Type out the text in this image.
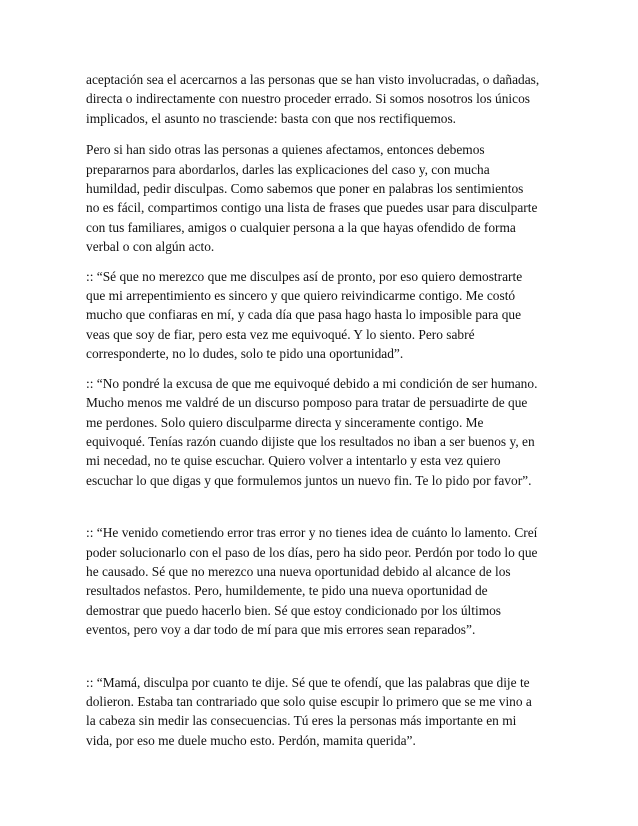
aceptación sea el acercarnos a las personas que se han visto involucradas, o dañadas,
directa o indirectamente con nuestro proceder errado. Si somos nosotros los únicos
implicados, el asunto no trasciende: basta con que nos rectifiquemos.

Pero si han sido otras las personas a quienes afectamos, entonces debemos
prepararnos para abordarlos, darles las explicaciones del caso y, con mucha
humildad, pedir disculpas. Como sabemos que poner en palabras los sentimientos
no es fácil, compartimos contigo una lista de frases que puedes usar para disculparte
con tus familiares, amigos o cualquier persona a la que hayas ofendido de forma
verbal o con algún acto.

:: “Sé que no merezco que me disculpes así de pronto, por eso quiero demostrarte
que mi arrepentimiento es sincero y que quiero reivindicarme contigo. Me costó
mucho que confiaras en mí, y cada día que pasa hago hasta lo imposible para que
veas que soy de fiar, pero esta vez me equivoqué. Y lo siento. Pero sabré
corresponderte, no lo dudes, solo te pido una oportunidad”.

:: “No pondré la excusa de que me equivoqué debido a mi condición de ser humano.
Mucho menos me valdré de un discurso pomposo para tratar de persuadirte de que
me perdones. Solo quiero disculparme directa y sinceramente contigo. Me
equivoqué. Tenías razón cuando dijiste que los resultados no iban a ser buenos y, en
mi necedad, no te quise escuchar. Quiero volver a intentarlo y esta vez quiero
escuchar lo que digas y que formulemos juntos un nuevo fin. Te lo pido por favor”.

:: “He venido cometiendo error tras error y no tienes idea de cuánto lo lamento. Creí
poder solucionarlo con el paso de los días, pero ha sido peor. Perdón por todo lo que
he causado. Sé que no merezco una nueva oportunidad debido al alcance de los
resultados nefastos. Pero, humildemente, te pido una nueva oportunidad de
demostrar que puedo hacerlo bien. Sé que estoy condicionado por los últimos
eventos, pero voy a dar todo de mí para que mis errores sean reparados”.

:: “Mamá, disculpa por cuanto te dije. Sé que te ofendí, que las palabras que dije te
dolieron. Estaba tan contrariado que solo quise escupir lo primero que se me vino a
la cabeza sin medir las consecuencias. Tú eres la personas más importante en mi
vida, por eso me duele mucho esto. Perdón, mamita querida”.
